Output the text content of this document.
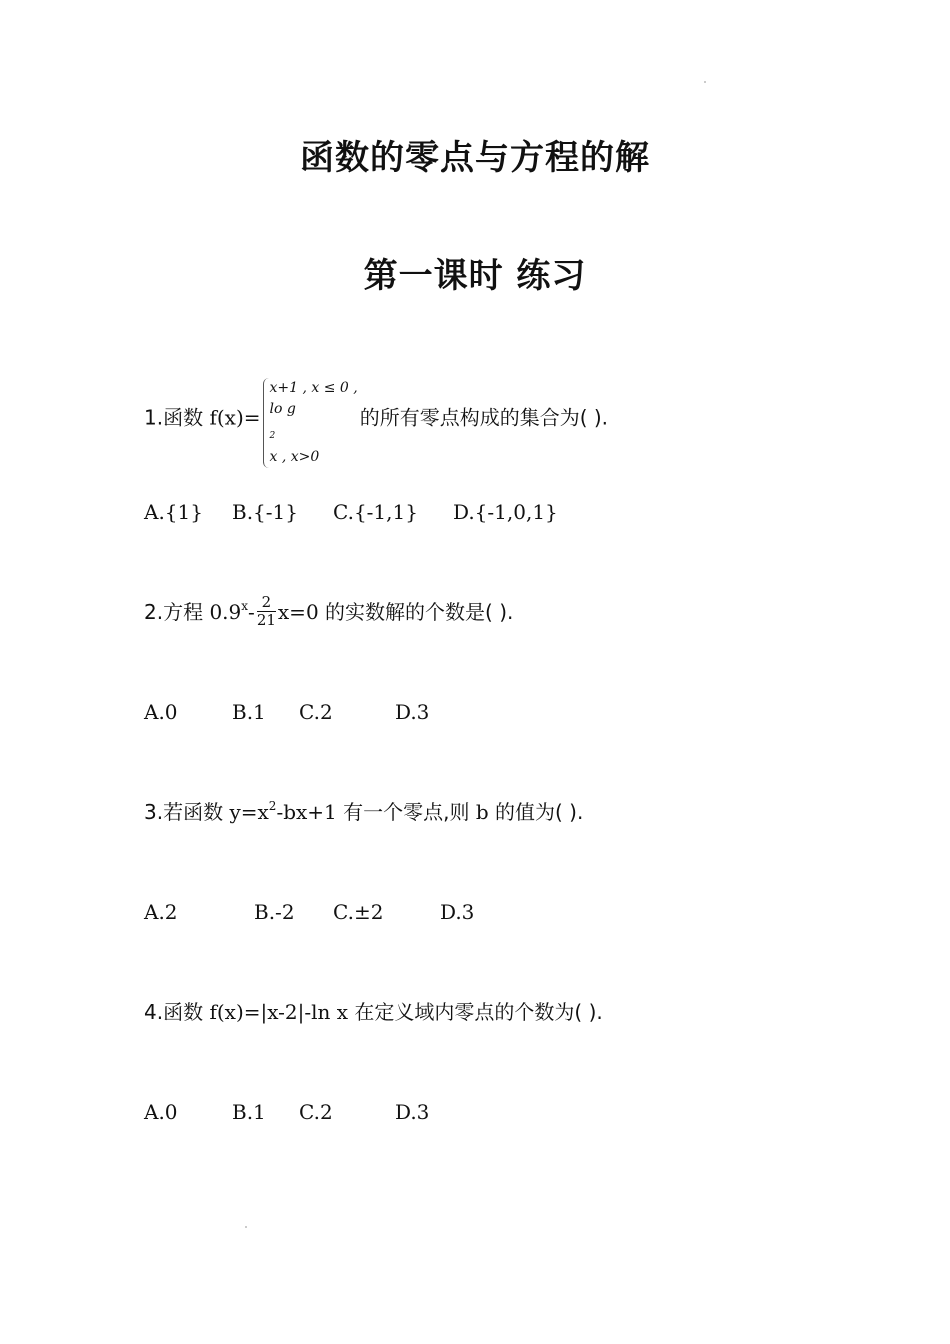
函数的零点与方程的解
第一课时 练习
1.函数 f(x)=
x+1 , x ≤ 0 ,
lo g
$_2$
x , x>0
的所有零点构成的集合为( ).
A.{1} B.{-1} C.{-1,1} D.{-1,0,1}
2.方程 $0.9^x- \frac{2}{21} x=0$ 的实数解的个数是( ).
A.0	B.1 C.2	D.3
3.若函数 $y=x^2-bx+1$ 有一个零点,则 b 的值为( ).
A.2	B.-2 C.±2	D.3
4.函数 f(x)=|x-2|-ln x 在定义域内零点的个数为( ).
A.0	B.1 C.2	D.3
